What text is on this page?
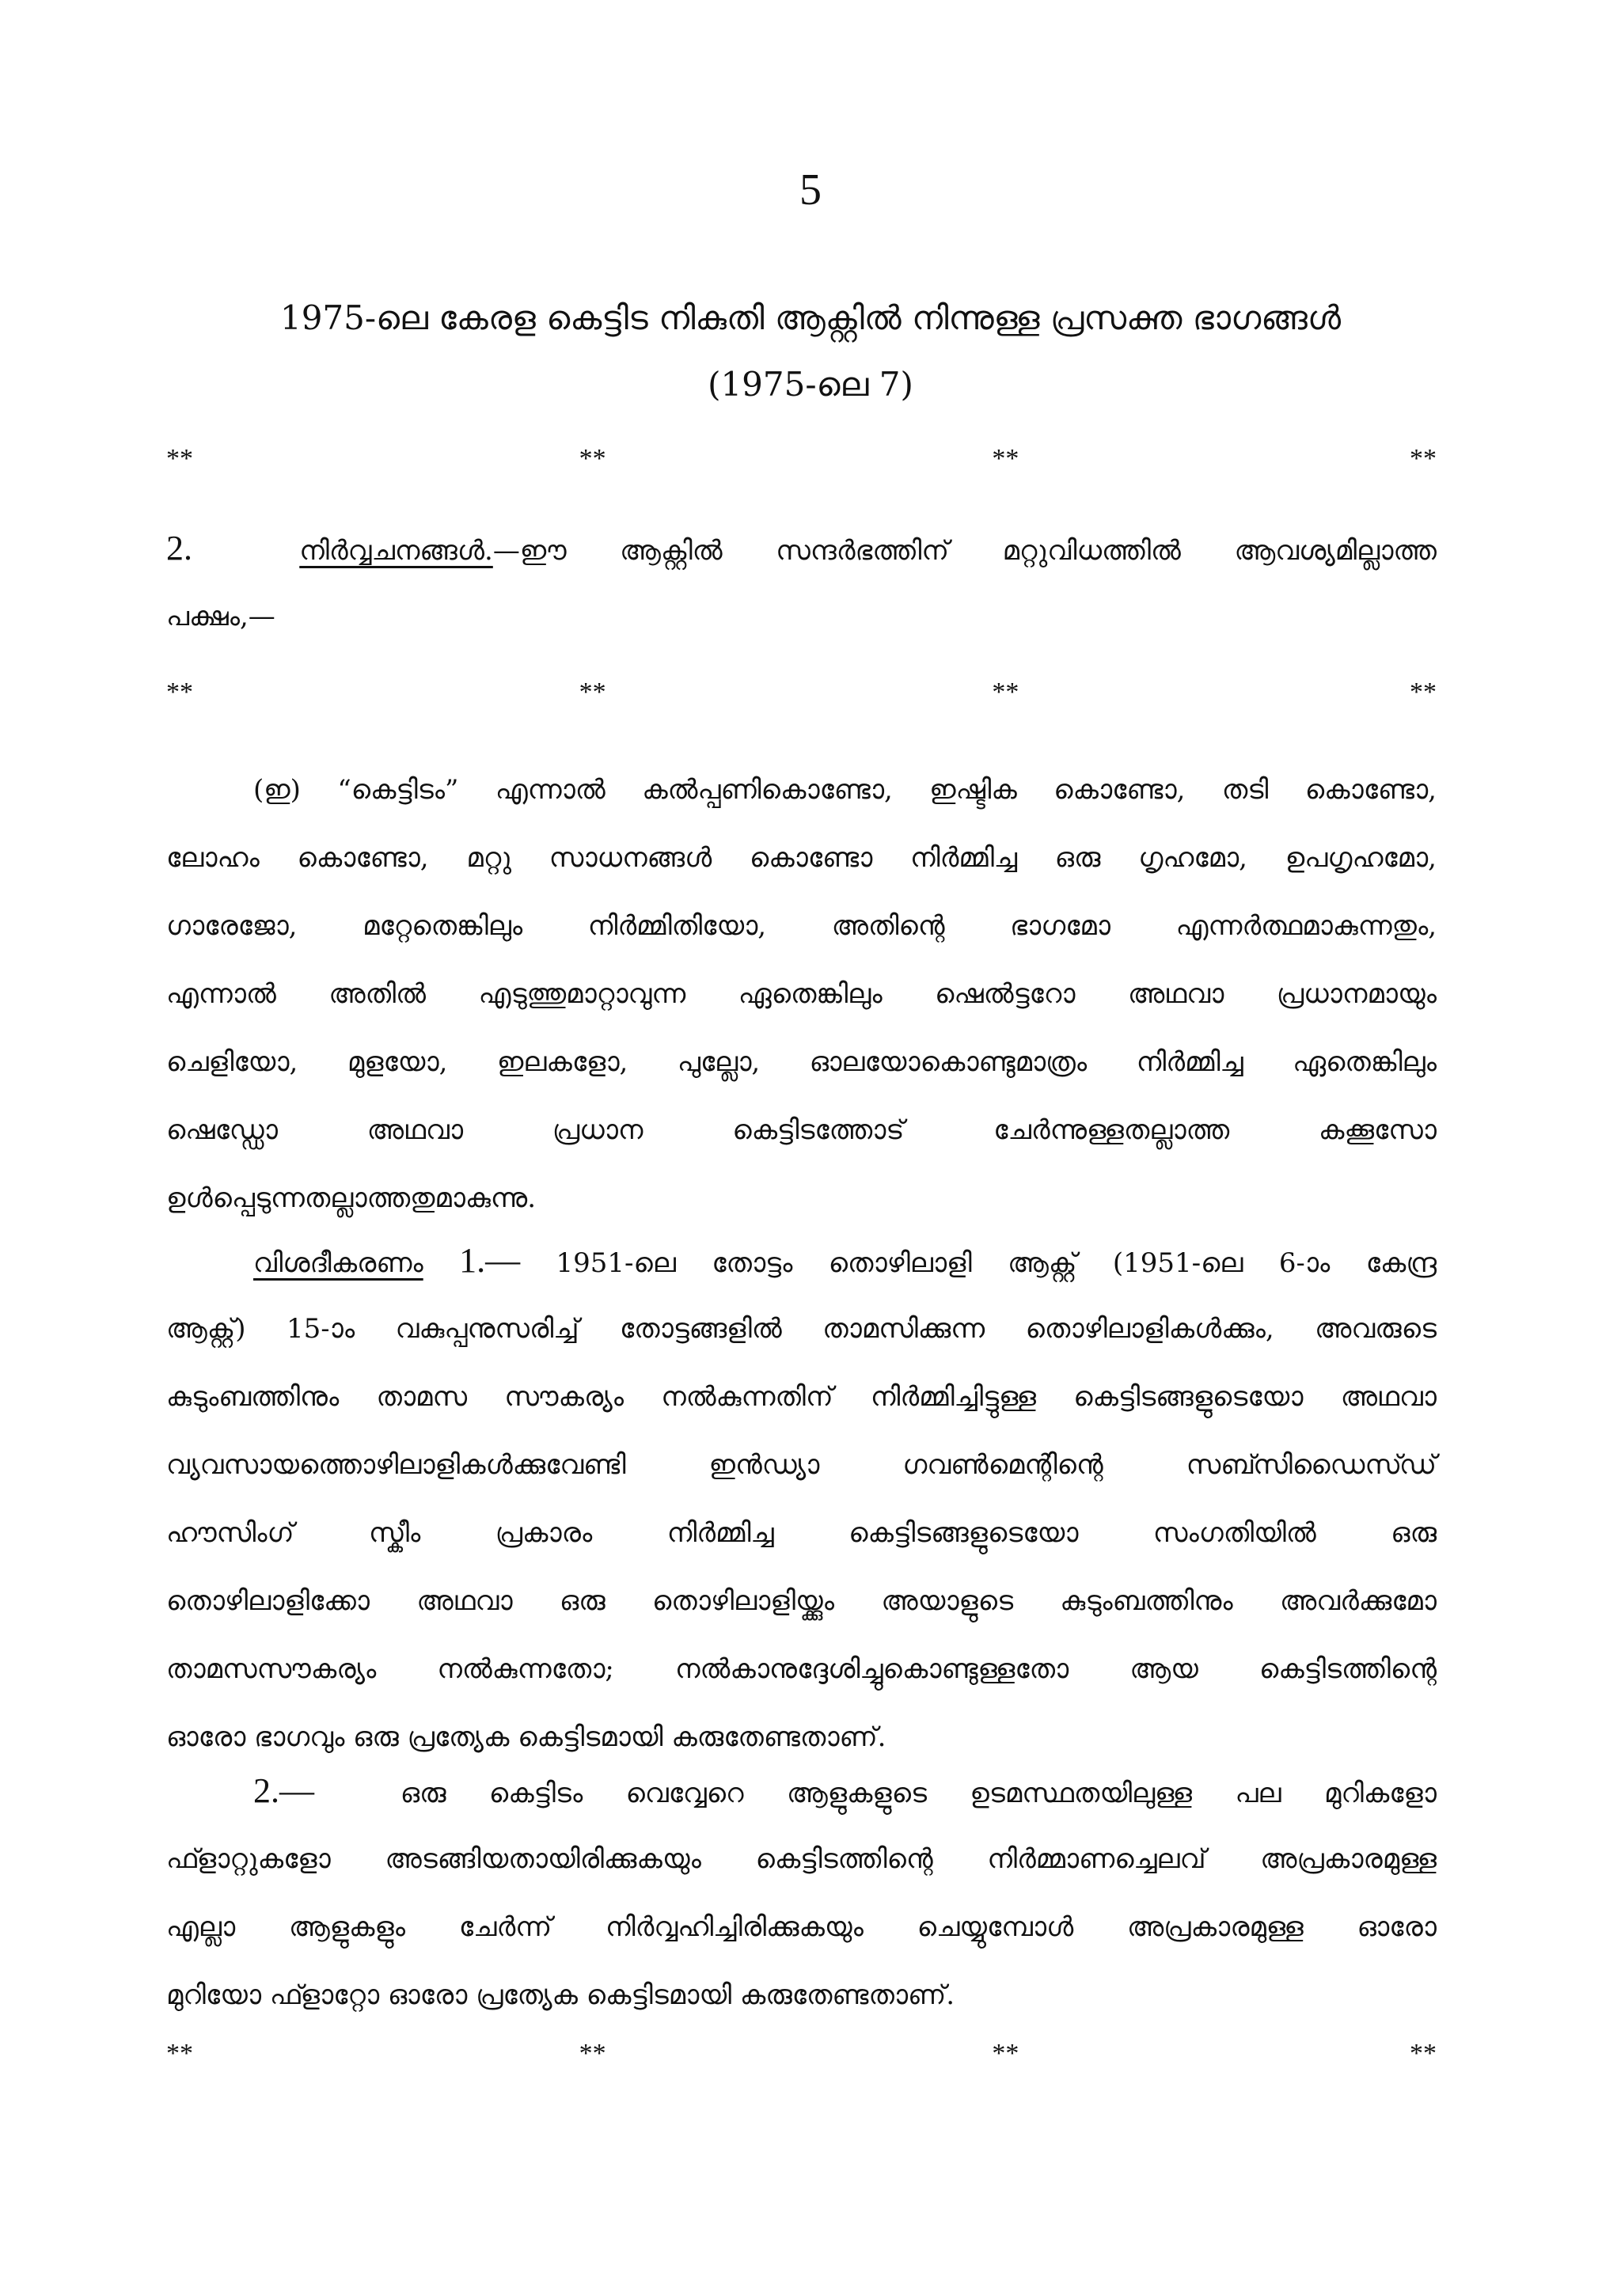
5
1975-ലെ കേരള കെട്ടിട നികുതി ആക്റ്റിൽ നിന്നുള്ള പ്രസക്ത ഭാഗങ്ങൾ
(1975-ലെ 7)
**	**	**	**
2.	നിർവ്വചനങ്ങൾ.—ഈ ആക്റ്റിൽ സന്ദർഭത്തിന് മറ്റുവിധത്തിൽ ആവശ്യമില്ലാത്ത
പക്ഷം,—
**	**	**	**
(ഇ) “കെട്ടിടം” എന്നാൽ കൽപ്പണികൊണ്ടോ, ഇഷ്ടിക കൊണ്ടോ, തടി കൊണ്ടോ,
ലോഹം കൊണ്ടോ, മറ്റു സാധനങ്ങൾ കൊണ്ടോ നിർമ്മിച്ച ഒരു ഗൃഹമോ, ഉപഗൃഹമോ,
ഗാരേജോ, മറ്റേതെങ്കിലും നിർമ്മിതിയോ, അതിന്റെ ഭാഗമോ എന്നർത്ഥമാകുന്നതും,
എന്നാൽ അതിൽ എടുത്തുമാറ്റാവുന്ന ഏതെങ്കിലും ഷെൽട്ടറോ അഥവാ പ്രധാനമായും
ചെളിയോ, മുളയോ, ഇലകളോ, പുല്ലോ, ഓലയോകൊണ്ടുമാത്രം നിർമ്മിച്ച ഏതെങ്കിലും
ഷെഡ്ഡോ അഥവാ പ്രധാന കെട്ടിടത്തോട് ചേർന്നുള്ളതല്ലാത്ത കക്കൂസോ
ഉൾപ്പെടുന്നതല്ലാത്തതുമാകുന്നു.
വിശദീകരണം 1.— 1951-ലെ തോട്ടം തൊഴിലാളി ആക്റ്റ് (1951-ലെ 6-ാം കേന്ദ്ര
ആക്റ്റ്) 15-ാം വകുപ്പനുസരിച്ച് തോട്ടങ്ങളിൽ താമസിക്കുന്ന തൊഴിലാളികൾക്കും, അവരുടെ
കുടുംബത്തിനും താമസ സൗകര്യം നൽകുന്നതിന് നിർമ്മിച്ചിട്ടുള്ള കെട്ടിടങ്ങളുടെയോ അഥവാ
വ്യവസായത്തൊഴിലാളികൾക്കുവേണ്ടി ഇൻഡ്യാ ഗവൺമെന്റിന്റെ സബ്സിഡൈസ്ഡ്
ഹൗസിംഗ് സ്കീം പ്രകാരം നിർമ്മിച്ച കെട്ടിടങ്ങളുടെയോ സംഗതിയിൽ ഒരു
തൊഴിലാളിക്കോ അഥവാ ഒരു തൊഴിലാളിയ്ക്കും അയാളുടെ കുടുംബത്തിനും അവർക്കുമോ
താമസസൗകര്യം നൽകുന്നതോ; നൽകാനുദ്ദേശിച്ചുകൊണ്ടുള്ളതോ ആയ കെട്ടിടത്തിന്റെ
ഓരോ ഭാഗവും ഒരു പ്രത്യേക കെട്ടിടമായി കരുതേണ്ടതാണ്.
2.—	ഒരു കെട്ടിടം വെവ്വേറെ ആളുകളുടെ ഉടമസ്ഥതയിലുള്ള പല മുറികളോ
ഫ്ളാറ്റുകളോ അടങ്ങിയതായിരിക്കുകയും കെട്ടിടത്തിന്റെ നിർമ്മാണച്ചെലവ് അപ്രകാരമുള്ള
എല്ലാ ആളുകളും ചേർന്ന് നിർവ്വഹിച്ചിരിക്കുകയും ചെയ്യുമ്പോൾ അപ്രകാരമുള്ള ഓരോ
മുറിയോ ഫ്ളാറ്റോ ഓരോ പ്രത്യേക കെട്ടിടമായി കരുതേണ്ടതാണ്.
**	**	**	**
